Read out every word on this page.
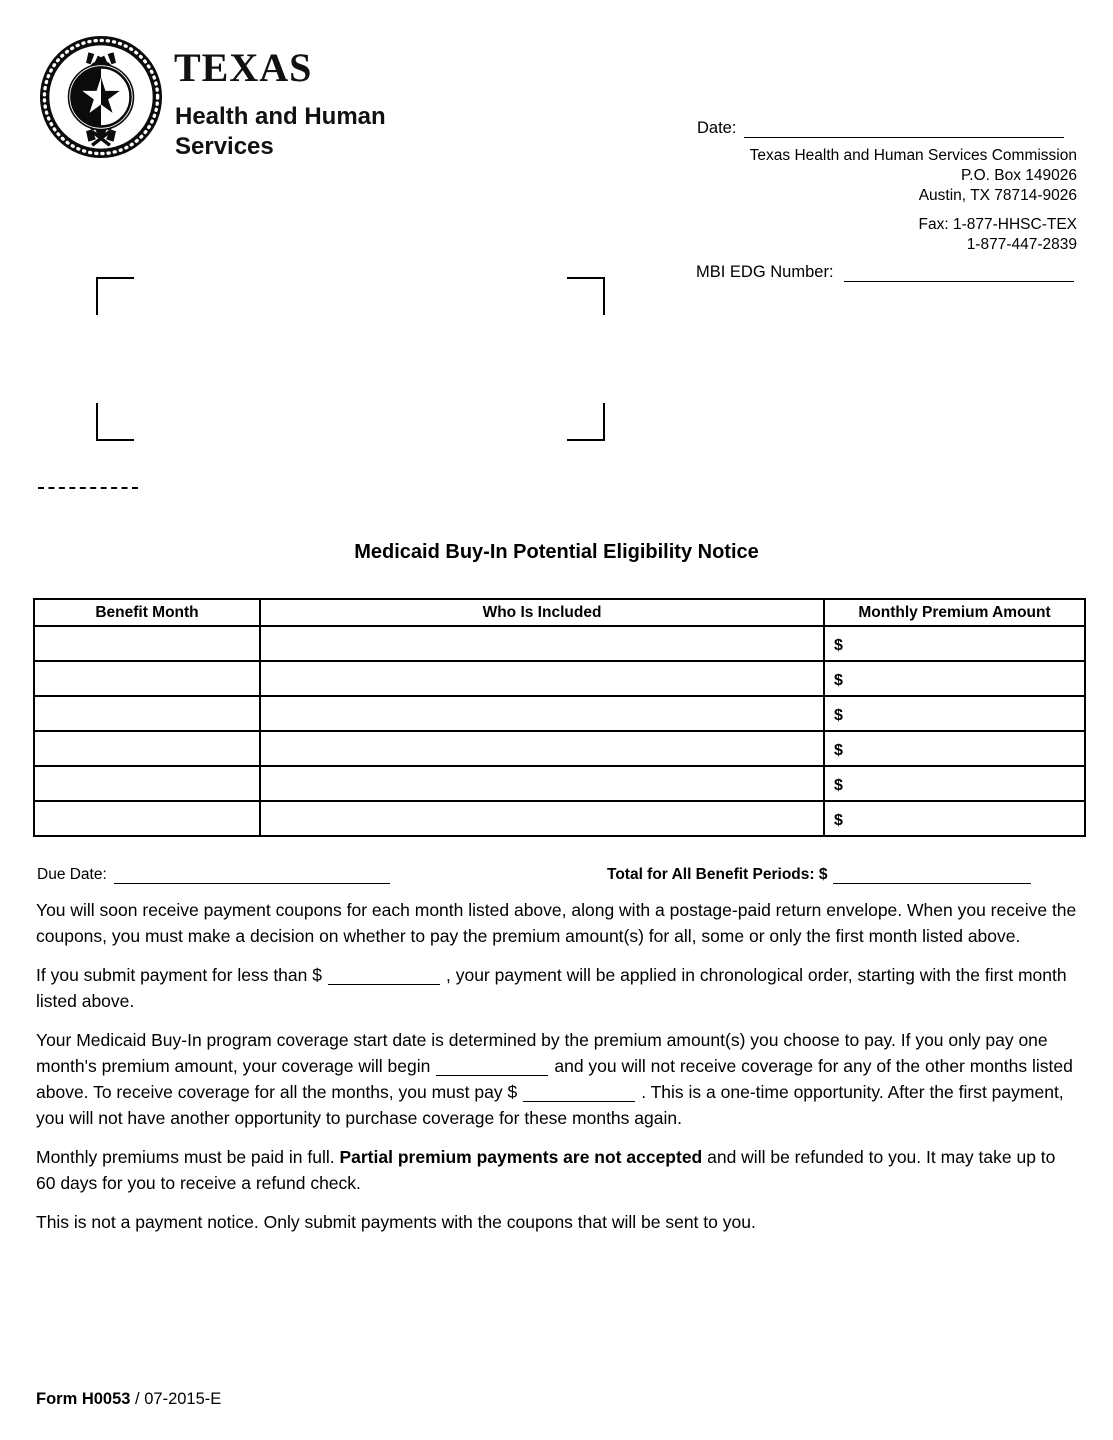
TEXAS
Health and Human
Services
Date:
Texas Health and Human Services Commission
P.O. Box 149026
Austin, TX 78714-9026
Fax: 1-877-HHSC-TEX
1-877-447-2839
MBI EDG Number:
Medicaid Buy-In Potential Eligibility Notice
Benefit Month	Who Is Included	Monthly Premium Amount
		$
		$
		$
		$
		$
		$
Due Date:	Total for All Benefit Periods: $

You will soon receive payment coupons for each month listed above, along with a postage-paid return envelope. When you receive the coupons, you must make a decision on whether to pay the premium amount(s) for all, some or only the first month listed above.

If you submit payment for less than $	, your payment will be applied in chronological order, starting with the first month listed above.

Your Medicaid Buy-In program coverage start date is determined by the premium amount(s) you choose to pay. If you only pay one month's premium amount, your coverage will begin	and you will not receive coverage for any of the other months listed above. To receive coverage for all the months, you must pay $	. This is a one-time opportunity. After the first payment, you will not have another opportunity to purchase coverage for these months again.

Monthly premiums must be paid in full. Partial premium payments are not accepted and will be refunded to you. It may take up to 60 days for you to receive a refund check.

This is not a payment notice. Only submit payments with the coupons that will be sent to you.

Form H0053 / 07-2015-E
